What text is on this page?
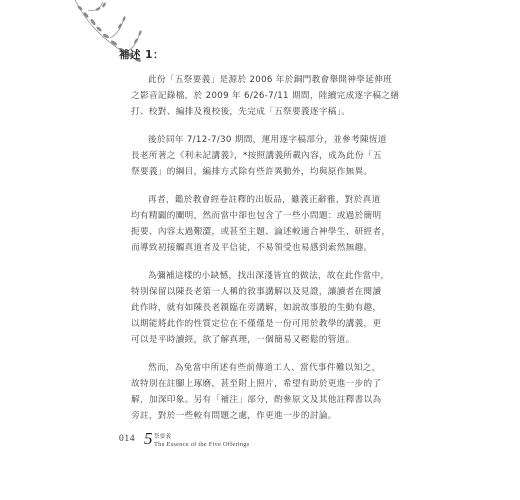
補述 1：

此份「五祭要義」是源於 2006 年於銅門教會舉開神學延伸班
之影音記錄檔，於 2009 年 6/26-7/11 期間，陸續完成逐字稿之繕
打、校對、編排及複校後，先完成「五祭要義逐字稿」。

後於同年 7/12-7/30 期間，運用逐字稿部分，並參考陳恆道
長老所著之《利未記講義》，*按照講義所載內容，成為此份「五
祭要義」的綱目，編排方式除有些許異動外，均與原作無異。

再者，鑑於教會經卷註釋的出版品，雖義正辭雅，對於真道
均有精闢的闡明，然而當中卻也包含了一些小問題：或過於簡明
扼要、內容太過艱澀，或甚至主題、論述較適合神學生、研經者，
而導致初接觸真道者及平信徒，不易領受也易感到索然無趣。

為彌補這樣的小缺憾，找出深淺皆宜的做法，故在此作當中，
特別保留以陳長老第一人稱的敘事講解以及見證，讓讀者在閱讀
此作時，就有如陳長老親臨在旁講解，如說故事般的生動有趣，
以期能將此作的性質定位在不僅僅是一份可用於教學的講義，更
可以是平時讀經，欲了解真理，一個簡易又輕鬆的管道。

然而，為免當中所述有些前傳道工人、當代事件難以知之，
故特別在註腳上琢磨，甚至附上照片，希望有助於更進一步的了
解，加深印象。另有「補注」部分，酌參原文及其他註釋書以為
旁註，對於一些較有問題之處，作更進一步的討論。

014 5 祭要義
The Essence of the Five Offerings
